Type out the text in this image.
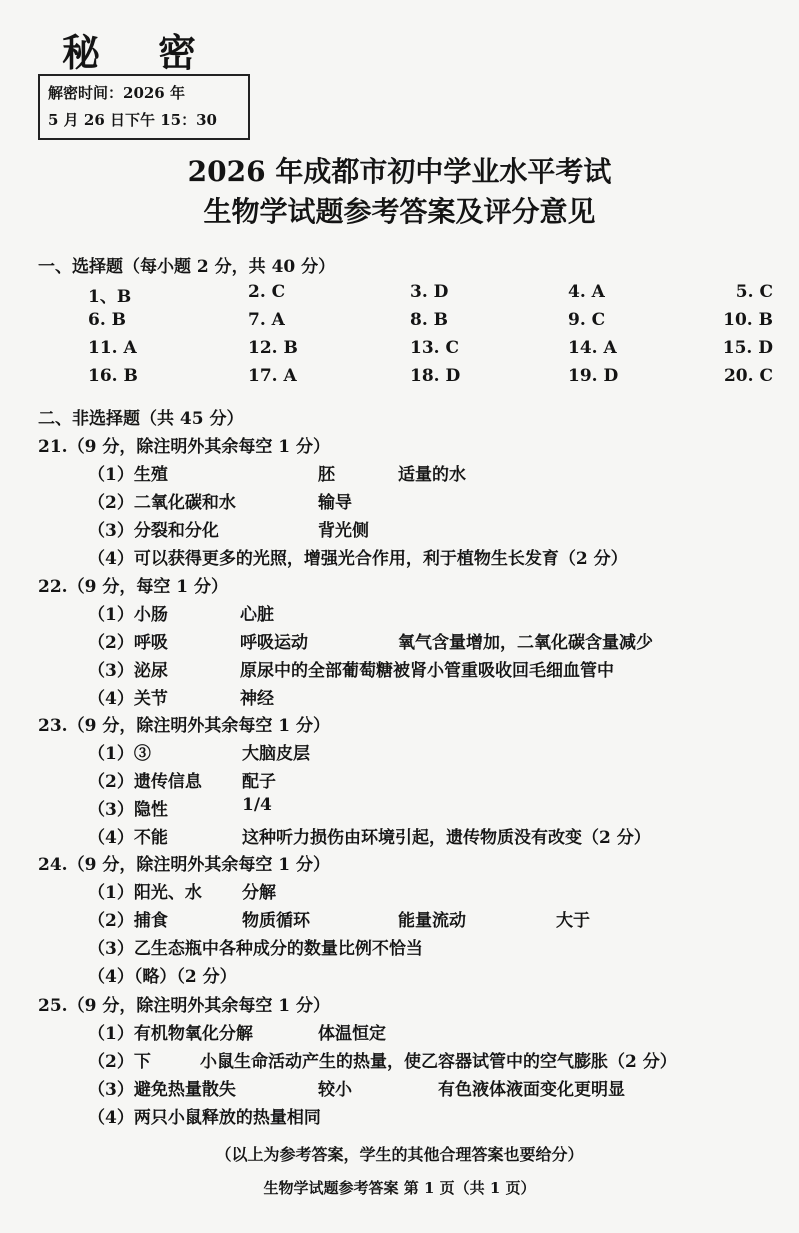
秘 密
解密时间：2026 年
5 月 26 日下午 15：30
2026 年成都市初中学业水平考试
生物学试题参考答案及评分意见
一、选择题（每小题 2 分，共 40 分）
1、B	2. C	3. D	4. A	5. C
6. B	7. A	8. B	9. C	10. B
11. A	12. B	13. C	14. A	15. D
16. B	17. A	18. D	19. D	20. C
二、非选择题（共 45 分）
21.（9 分，除注明外其余每空 1 分）
（1）生殖	胚	适量的水
（2）二氧化碳和水	输导
（3）分裂和分化	背光侧
（4）可以获得更多的光照，增强光合作用，利于植物生长发育（2 分）
22.（9 分，每空 1 分）
（1）小肠	心脏
（2）呼吸	呼吸运动	氧气含量增加，二氧化碳含量减少
（3）泌尿	原尿中的全部葡萄糖被肾小管重吸收回毛细血管中
（4）关节	神经
23.（9 分，除注明外其余每空 1 分）
（1）③	大脑皮层
（2）遗传信息 配子
（3）隐性	1/4
（4）不能	这种听力损伤由环境引起，遗传物质没有改变（2 分）
24.（9 分，除注明外其余每空 1 分）
（1）阳光、水 分解
（2）捕食	物质循环	能量流动	大于
（3）乙生态瓶中各种成分的数量比例不恰当
（4）（略）（2 分）
25.（9 分，除注明外其余每空 1 分）
（1）有机物氧化分解	体温恒定
（2）下	小鼠生命活动产生的热量，使乙容器试管中的空气膨胀（2 分）
（3）避免热量散失	较小	有色液体液面变化更明显
（4）两只小鼠释放的热量相同
（以上为参考答案，学生的其他合理答案也要给分）
生物学试题参考答案 第 1 页（共 1 页）
